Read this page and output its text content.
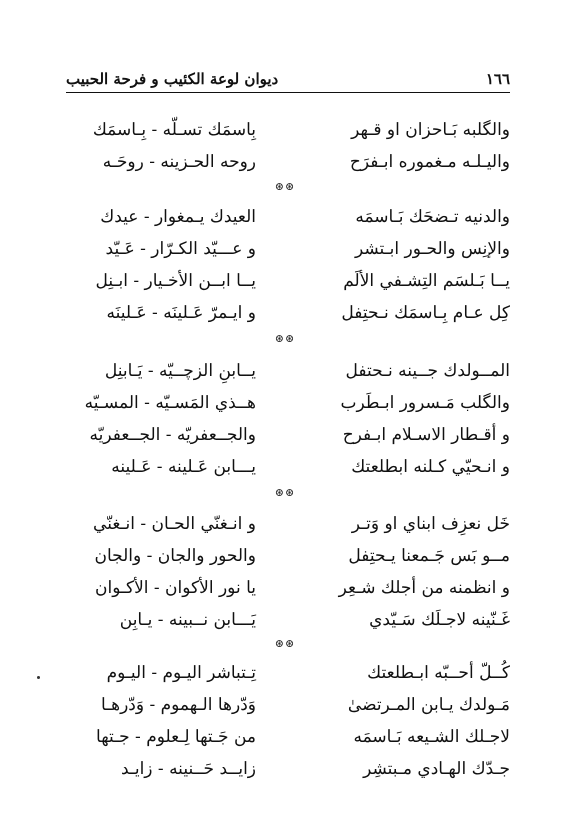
١٦٦
ديوان لوعة الكئيب و فرحة الحبيب
والگلبه بَـاحزان او قـهر
بِاسمَك تسـلّه - بِـاسمَك
واليـلـه مـغموره ابـفرَح
روحه الحـزينه - روحَـه
⊛⊛
والدنيه تـضحَك بَـاسمَه
العيدك يـمغوار - عيدك
والإنِس والحـور ابـتشر
و عـــيّد الكـرّار - عَـيّد
يــا بَـلسَم التِشـفي الألَم
يــا ابــن الأخـيار - ابـنِل
كِل عـام بِـاسمَك نـحتِفل
و ايـمرّ عَـلينَه - عَـلينَه
⊛⊛
المــولدك جــينه نـحتفل
يــابنِ الزچــيّه - يَـابنِل
والگلب مَـسرور ابـطَرب
هــذي المَسـيّه - المسـيّه
و أقـطار الاسـلام ابـفرح
والجــعفريّه - الجــعفريّه
و انـحيّي كـلنه ابطلعتك
يـــابن عَـلينه - عَـلينه
⊛⊛
خَل نعزِف ابناي او وَتـر
و انـغنّي الحـان - انـغنّي
مــو بَس جَـمعنا يـحتِفل
والحور والجان - والجان
و انظمنه من أجلك شـعِر
يا نور الأكوان - الأكـوان
غَـنّينه لاجـلَك سَـيّدي
يَـــابن نــبينه - يـابِن
⊛⊛
كُــلّ أحــبّه ابـطلعتك
تِـتباشر اليـوم - اليـوم
مَـولدك يـابن المـرتضىٰ
وَدّرها الـهموم - وَدّرهـا
لاجـلك الشـيعه بَـاسمَه
من جَـتها لِـعلوم - جـتها
جـدّك الهـادي مـبتشِر
زايــد حَــنينه - زايـد
